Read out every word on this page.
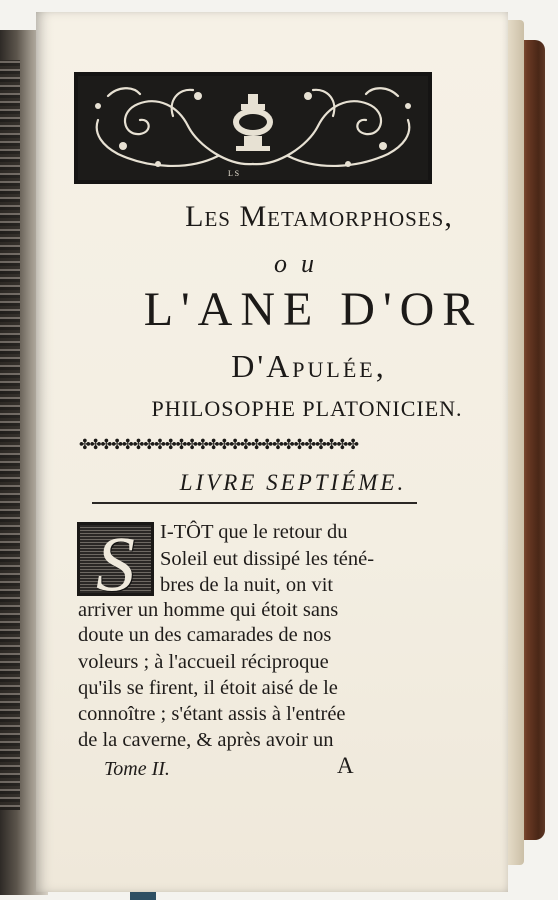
L S
Les Metamorphoses,
ou
L'ANE D'OR
D'Apulée,
PHILOSOPHE PLATONICIEN.
✤✤✤✤✤✤✤✤✤✤✤✤✤✤✤✤✤✤✤✤✤✤✤✤✤✤
LIVRE SEPTIÉME.
S	I-TÔT que le retour du
Soleil eut dissipé les téné-
bres de la nuit, on vit
arriver un homme qui étoit sans
doute un des camarades de nos
voleurs ; à l'accueil réciproque
qu'ils se firent, il étoit aisé de le
connoître ; s'étant assis à l'entrée
de la caverne, & après avoir un
Tome II.	A
